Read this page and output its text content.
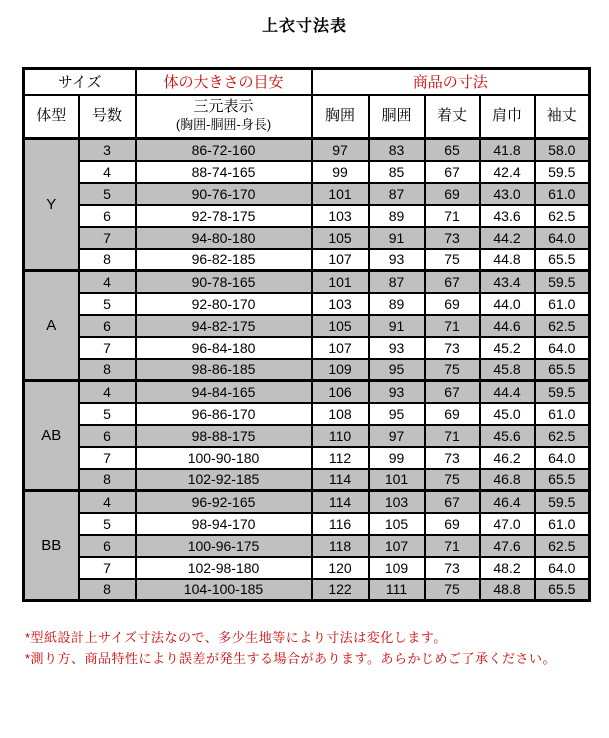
上衣寸法表
サイズ		体の大きさの目安	商品の寸法				
体型	号数	三元表示
(胸囲-胴囲-身長)	胸囲	胴囲	着丈	肩巾	袖丈
Y	3	86-72-160	97	83	65	41.8	58.0
	4	88-74-165	99	85	67	42.4	59.5
	5	90-76-170	101	87	69	43.0	61.0
	6	92-78-175	103	89	71	43.6	62.5
	7	94-80-180	105	91	73	44.2	64.0
	8	96-82-185	107	93	75	44.8	65.5
A	4	90-78-165	101	87	67	43.4	59.5
	5	92-80-170	103	89	69	44.0	61.0
	6	94-82-175	105	91	71	44.6	62.5
	7	96-84-180	107	93	73	45.2	64.0
	8	98-86-185	109	95	75	45.8	65.5
AB	4	94-84-165	106	93	67	44.4	59.5
	5	96-86-170	108	95	69	45.0	61.0
	6	98-88-175	110	97	71	45.6	62.5
	7	100-90-180	112	99	73	46.2	64.0
	8	102-92-185	114	101	75	46.8	65.5
BB	4	96-92-165	114	103	67	46.4	59.5
	5	98-94-170	116	105	69	47.0	61.0
	6	100-96-175	118	107	71	47.6	62.5
	7	102-98-180	120	109	73	48.2	64.0
	8	104-100-185	122	111	75	48.8	65.5
*型紙設計上サイズ寸法なので、多少生地等により寸法は変化します。
*測り方、商品特性により誤差が発生する場合があります。あらかじめご了承ください。
